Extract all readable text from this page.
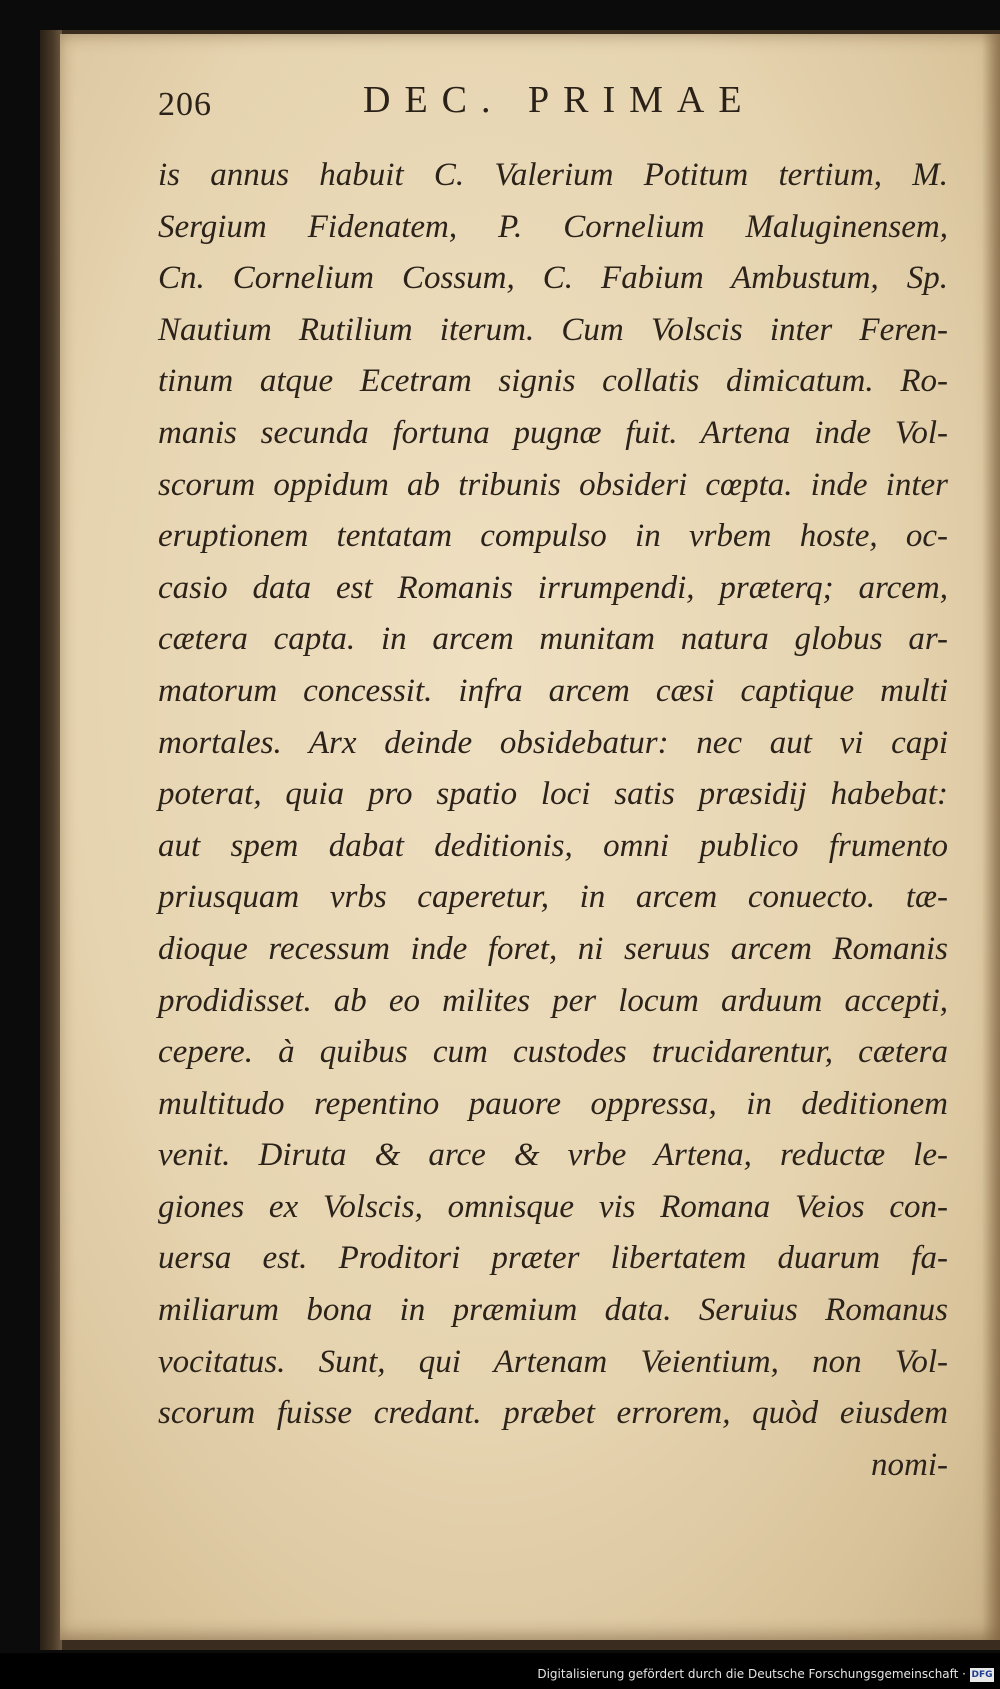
206	DEC. PRIMAE
is annus habuit C. Valerium Potitum tertium, M.
Sergium Fidenatem, P. Cornelium Maluginensem,
Cn. Cornelium Cossum, C. Fabium Ambustum, Sp.
Nautium Rutilium iterum. Cum Volscis inter Feren-
tinum atque Ecetram signis collatis dimicatum. Ro-
manis secunda fortuna pugnæ fuit. Artena inde Vol-
scorum oppidum ab tribunis obsideri cœpta. inde inter
eruptionem tentatam compulso in vrbem hoste, oc-
casio data est Romanis irrumpendi, præterq; arcem,
cætera capta. in arcem munitam natura globus ar-
matorum concessit. infra arcem cæsi captique multi
mortales. Arx deinde obsidebatur: nec aut vi capi
poterat, quia pro spatio loci satis præsidij habebat:
aut spem dabat deditionis, omni publico frumento
priusquam vrbs caperetur, in arcem conuecto. tæ-
dioque recessum inde foret, ni seruus arcem Romanis
prodidisset. ab eo milites per locum arduum accepti,
cepere. à quibus cum custodes trucidarentur, cætera
multitudo repentino pauore oppressa, in deditionem
venit. Diruta & arce & vrbe Artena, reductæ le-
giones ex Volscis, omnisque vis Romana Veios con-
uersa est. Proditori præter libertatem duarum fa-
miliarum bona in præmium data. Seruius Romanus
vocitatus. Sunt, qui Artenam Veientium, non Vol-
scorum fuisse credant. præbet errorem, quòd eiusdem
nomi-
Digitalisierung gefördert durch die Deutsche Forschungsgemeinschaft · DFG
